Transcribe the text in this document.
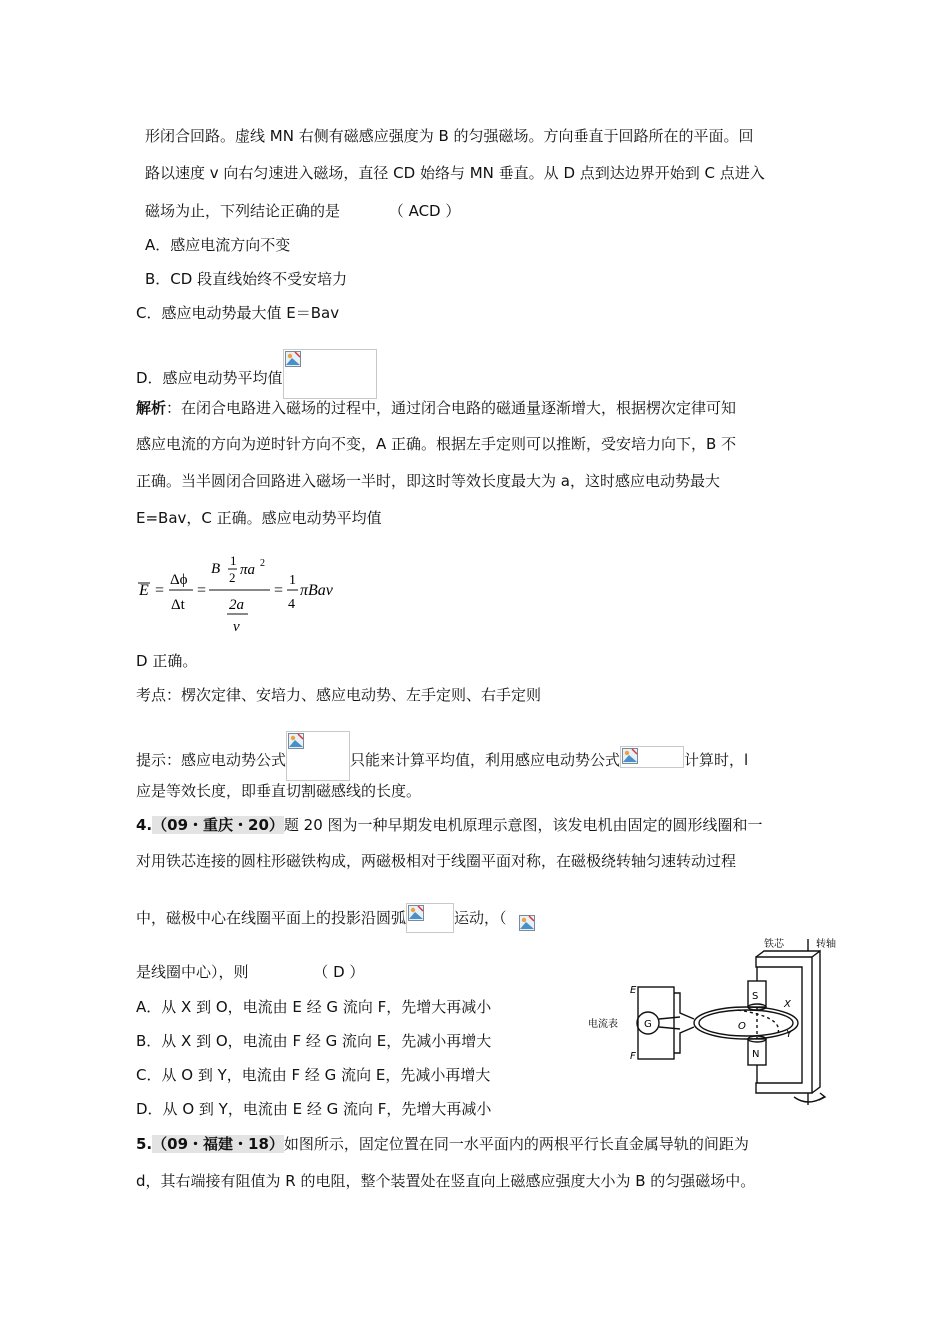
形闭合回路。虚线 MN 右侧有磁感应强度为 B 的匀强磁场。方向垂直于回路所在的平面。回
路以速度 v 向右匀速进入磁场，直径 CD 始络与 MN 垂直。从 D 点到达边界开始到 C 点进入
磁场为止，下列结论正确的是	（ ACD ）
A．感应电流方向不变
B．CD 段直线始终不受安培力
C．感应电动势最大值 E＝Bav
D．感应电动势平均值
解析：在闭合电路进入磁场的过程中，通过闭合电路的磁通量逐渐增大，根据楞次定律可知
感应电流的方向为逆时针方向不变，A 正确。根据左手定则可以推断，受安培力向下，B 不
正确。当半圆闭合回路进入磁场一半时，即这时等效长度最大为 a，这时感应电动势最大
E=Bav，C 正确。感应电动势平均值
E =
Δϕ
Δt
=
B
1
2 πa 2
2a
v
=
1
4
πBav
D 正确。
考点：楞次定律、安培力、感应电动势、左手定则、右手定则
提示：感应电动势公式	只能来计算平均值，利用感应电动势公式	计算时，l
应是等效长度，即垂直切割磁感线的长度。
4.（09・重庆・20）题 20 图为一种早期发电机原理示意图，该发电机由固定的圆形线圈和一
对用铁芯连接的圆柱形磁铁构成，两磁极相对于线圈平面对称，在磁极绕转轴匀速转动过程
中，磁极中心在线圈平面上的投影沿圆弧	运动，（
是线圈中心），则	（ D ）
A．从 X 到 O，电流由 E 经 G 流向 F，先增大再减小
B．从 X 到 O，电流由 F 经 G 流向 E，先减小再增大
C．从 O 到 Y，电流由 F 经 G 流向 E，先减小再增大
D．从 O 到 Y，电流由 E 经 G 流向 F，先增大再减小
铁芯	转轴
电流表	G
E
F
S
N
X
O
Y
5.（09・福建・18）如图所示，固定位置在同一水平面内的两根平行长直金属导轨的间距为
d，其右端接有阻值为 R 的电阻，整个装置处在竖直向上磁感应强度大小为 B 的匀强磁场中。
